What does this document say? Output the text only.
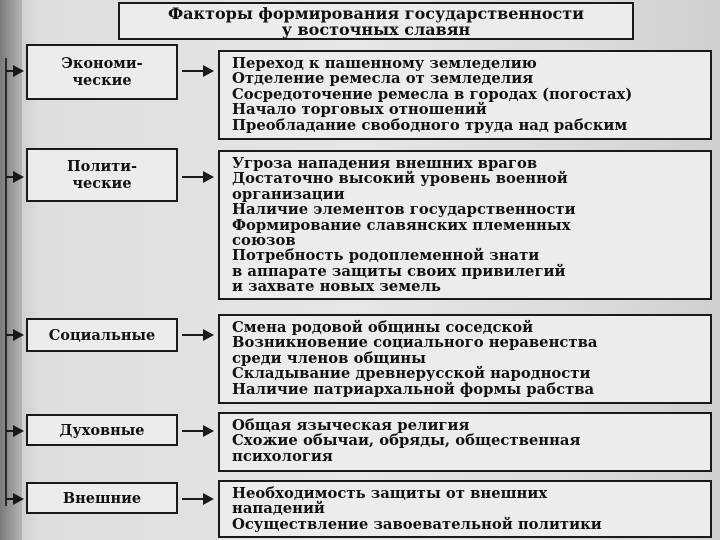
Факторы формирования государственности
у восточных славян
Экономи-
ческие
Переход к пашенному земледелию
Отделение ремесла от земледелия
Сосредоточение ремесла в городах (погостах)
Начало торговых отношений
Преобладание свободного труда над рабским
Полити-
ческие
Угроза нападения внешних врагов
Достаточно высокий уровень военной
организации
Наличие элементов государственности
Формирование славянских племенных
союзов
Потребность родоплеменной знати
в аппарате защиты своих привилегий
и захвате новых земель
Социальные	Смена родовой общины соседской
Возникновение социального неравенства
среди членов общины
Складывание древнерусской народности
Наличие патриархальной формы рабства
Духовные	Общая языческая религия
Схожие обычаи, обряды, общественная
психология
Внешние	Необходимость защиты от внешних
нападений
Осуществление завоевательной политики
